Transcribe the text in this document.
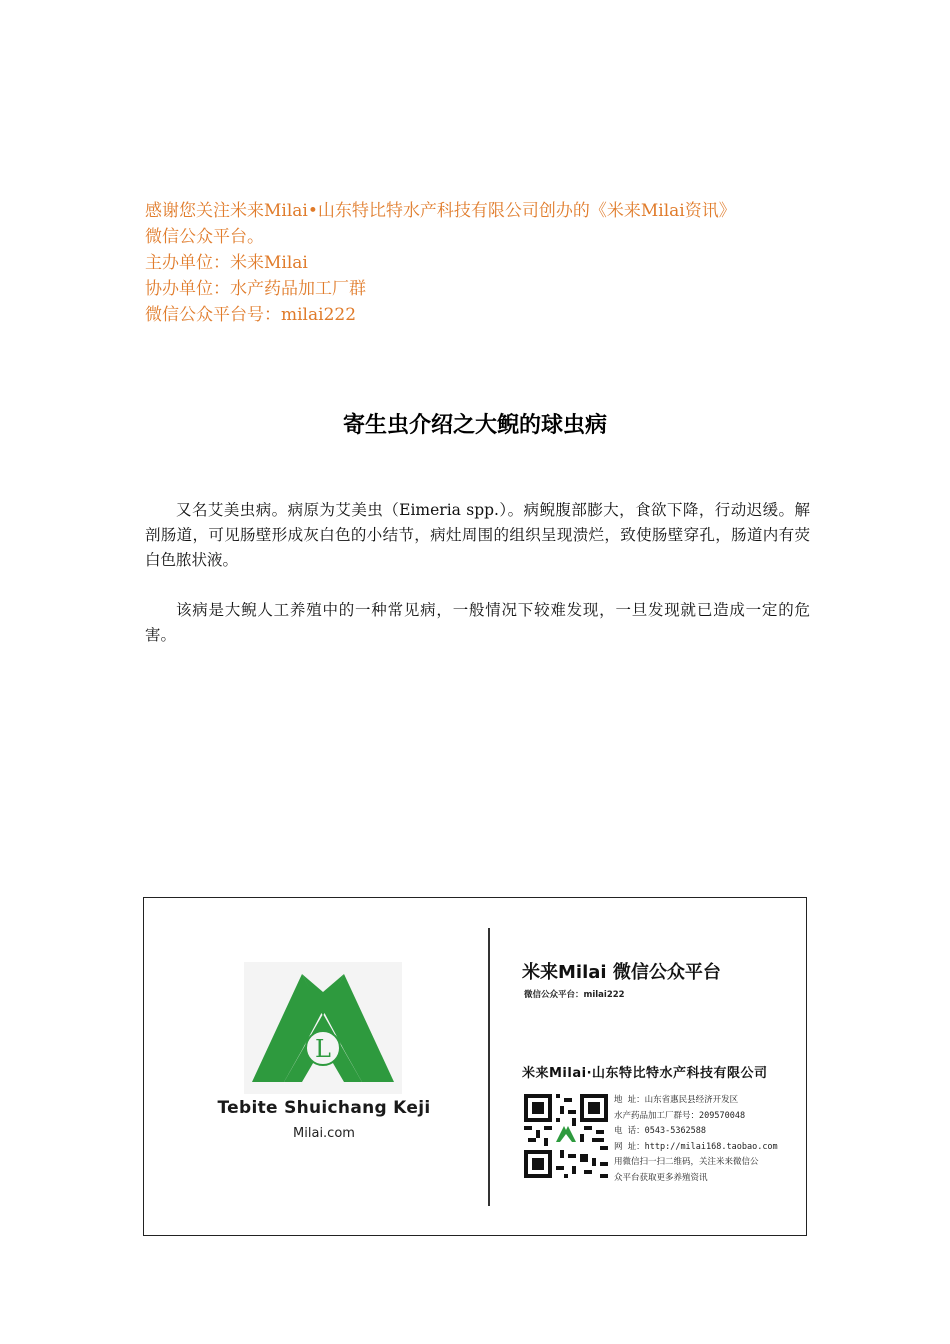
感谢您关注米来Milai•山东特比特水产科技有限公司创办的《米来Milai资讯》
微信公众平台。
主办单位：米来Milai
协办单位：水产药品加工厂群
微信公众平台号：milai222
寄生虫介绍之大鲵的球虫病
又名艾美虫病。病原为艾美虫（Eimeria spp.）。病鲵腹部膨大，食欲下降，行动迟缓。解剖肠道，可见肠壁形成灰白色的小结节，病灶周围的组织呈现溃烂，致使肠壁穿孔，肠道内有荧白色脓状液。
该病是大鲵人工养殖中的一种常见病，一般情况下较难发现，一旦发现就已造成一定的危害。
L
Tebite Shuichang Keji
Milai.com
米来Milai 微信公众平台
微信公众平台：milai222
米来Milai·山东特比特水产科技有限公司
地 址：山东省惠民县经济开发区
水产药品加工厂群号：209570048
电 话：0543-5362588
网 址：http://milai168.taobao.com
用微信扫一扫二维码，关注米来微信公
众平台获取更多养殖资讯
